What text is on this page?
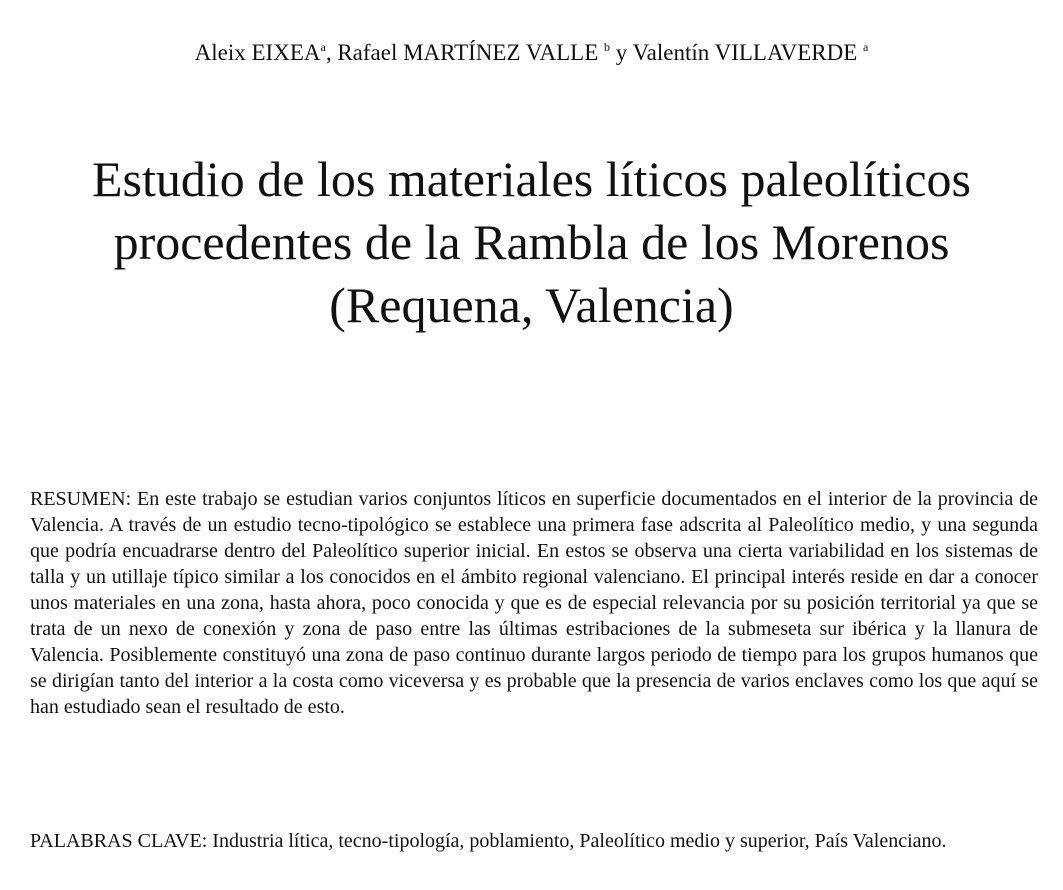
Aleix EIXEA$^a$, Rafael MARTÍNEZ VALLE $^b$ y Valentín VILLAVERDE $^a$
Estudio de los materiales líticos paleolíticos
procedentes de la Rambla de los Morenos
(Requena, Valencia)

RESUMEN: En este trabajo se estudian varios conjuntos líticos en superficie documentados en el interior de la provincia de Valencia. A través de un estudio tecno-tipológico se establece una primera fase adscrita al Paleolítico medio, y una segunda que podría encuadrarse dentro del Paleolítico superior inicial. En estos se observa una cierta variabilidad en los sistemas de talla y un utillaje típico similar a los conocidos en el ámbito regional valenciano. El principal interés reside en dar a conocer unos materiales en una zona, hasta ahora, poco conocida y que es de especial relevancia por su posición territorial ya que se trata de un nexo de conexión y zona de paso entre las últimas estribaciones de la submeseta sur ibérica y la llanura de Valencia. Posiblemente constituyó una zona de paso continuo durante largos periodo de tiempo para los grupos humanos que se dirigían tanto del interior a la costa como viceversa y es probable que la presencia de varios enclaves como los que aquí se han estudiado sean el resultado de esto.

PALABRAS CLAVE: Industria lítica, tecno-tipología, poblamiento, Paleolítico medio y superior, País Valenciano.
